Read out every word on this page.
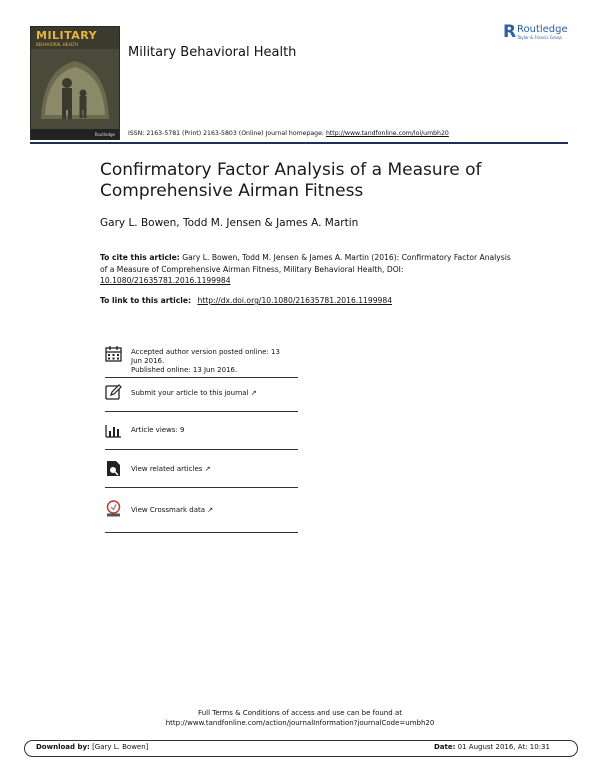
MILITARY
BEHAVIORAL HEALTH
Routledge
Military Behavioral Health
R Routledge
Taylor & Francis Group
ISSN: 2163-5781 (Print) 2163-5803 (Online) Journal homepage: http://www.tandfonline.com/loi/umbh20
Confirmatory Factor Analysis of a Measure of Comprehensive Airman Fitness
Gary L. Bowen, Todd M. Jensen & James A. Martin
To cite this article: Gary L. Bowen, Todd M. Jensen & James A. Martin (2016): Confirmatory Factor Analysis of a Measure of Comprehensive Airman Fitness, Military Behavioral Health, DOI: 10.1080/21635781.2016.1199984
To link to this article: http://dx.doi.org/10.1080/21635781.2016.1199984
Accepted author version posted online: 13
Jun 2016.
Published online: 13 Jun 2016.
Submit your article to this journal ↗
Article views: 9
View related articles ↗
View Crossmark data ↗
Full Terms & Conditions of access and use can be found at
http://www.tandfonline.com/action/journalInformation?journalCode=umbh20
Download by: [Gary L. Bowen]	Date: 01 August 2016, At: 10:31
